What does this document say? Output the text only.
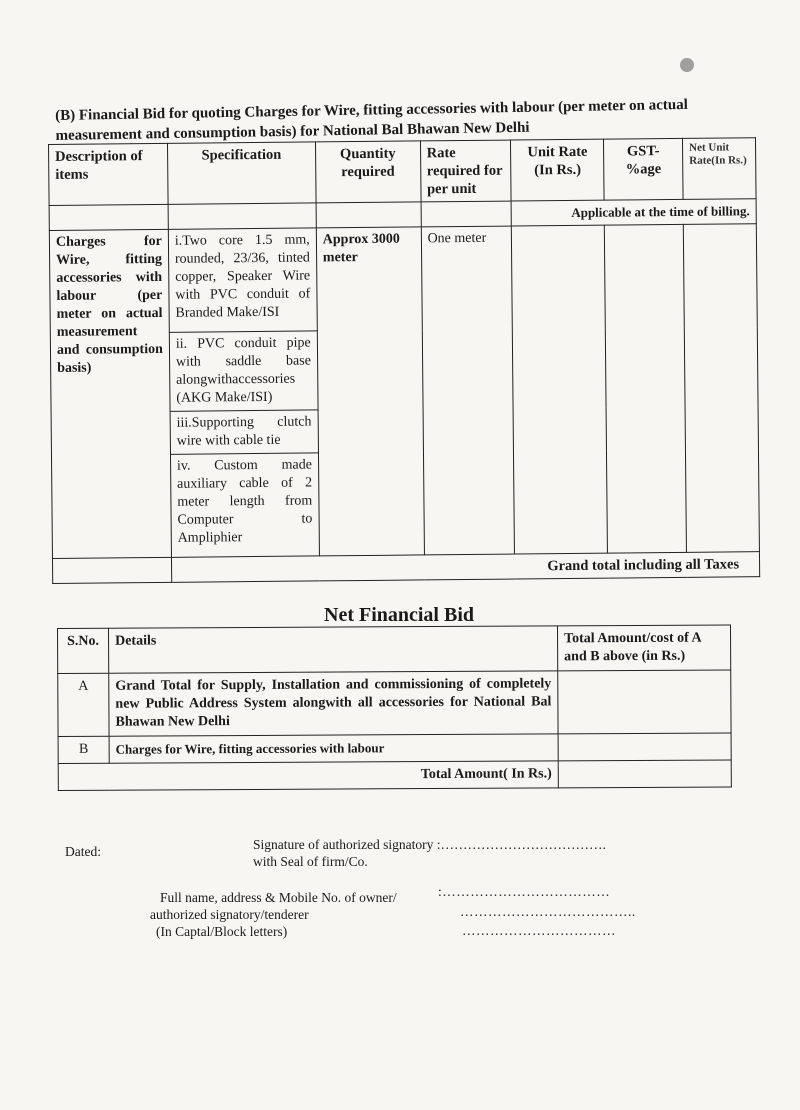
(B) Financial Bid for quoting Charges for Wire, fitting accessories with labour (per meter on actual measurement and consumption basis) for National Bal Bhawan New Delhi
Description of items	Specification	Quantity required	Rate required for per unit	Unit Rate (In Rs.)	GST- %age	Net Unit Rate(In Rs.)
				Applicable at the time of billing.		
Charges for Wire, fitting accessories with labour (per meter on actual measurement and consumption basis)	i.Two core 1.5 mm, rounded, 23/36, tinted copper, Speaker Wire with PVC conduit of Branded Make/ISI	Approx 3000 meter	One meter			
	ii. PVC conduit pipe with saddle base alongwithaccessories (AKG Make/ISI)					
	iii.Supporting clutch wire with cable tie					
	iv. Custom made auxiliary cable of 2 meter length from Computer to Ampliphier					
	Grand total including all Taxes					
Net Financial Bid
S.No.	Details	Total Amount/cost of A and B above (in Rs.)
A	Grand Total for Supply, Installation and commissioning of completely new Public Address System alongwith all accessories for National Bal Bhawan New Delhi	
B	Charges for Wire, fitting accessories with labour	
Total Amount( In Rs.)		
Dated:	Signature of authorized signatory :……………………………….
with Seal of firm/Co.
Full name, address & Mobile No. of owner/
authorized signatory/tenderer
(In Captal/Block letters)
:………………………………
………………………………..
……………………………
